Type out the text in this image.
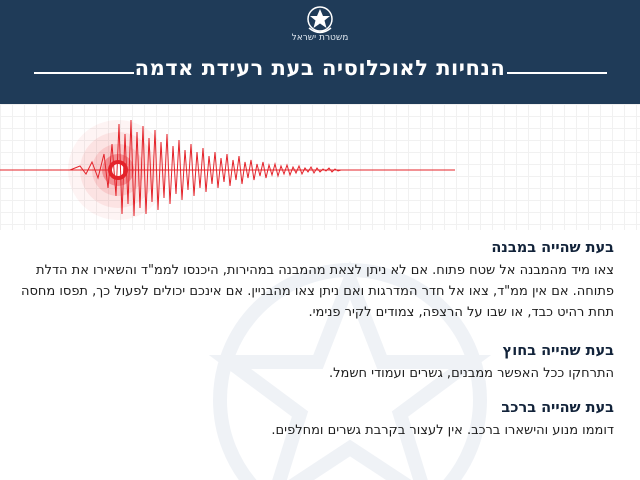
משטרת ישראל
הנחיות לאוכלוסיה בעת רעידת אדמה
בעת שהייה במבנה

צאו מיד מהמבנה אל שטח פתוח. אם לא ניתן לצאת מהמבנה במהירות, היכנסו לממ"ד והשאירו את הדלת פתוחה. אם אין ממ"ד, צאו אל חדר המדרגות ואם ניתן צאו מהבניין. אם אינכם יכולים לפעול כך, תפסו מחסה תחת רהיט כבד, או שבו על הרצפה, צמודים לקיר פנימי.

בעת שהייה בחוץ

התרחקו ככל האפשר ממבנים, גשרים ועמודי חשמל.

בעת שהייה ברכב

דוממו מנוע והישארו ברכב. אין לעצור בקרבת גשרים ומחלפים.
